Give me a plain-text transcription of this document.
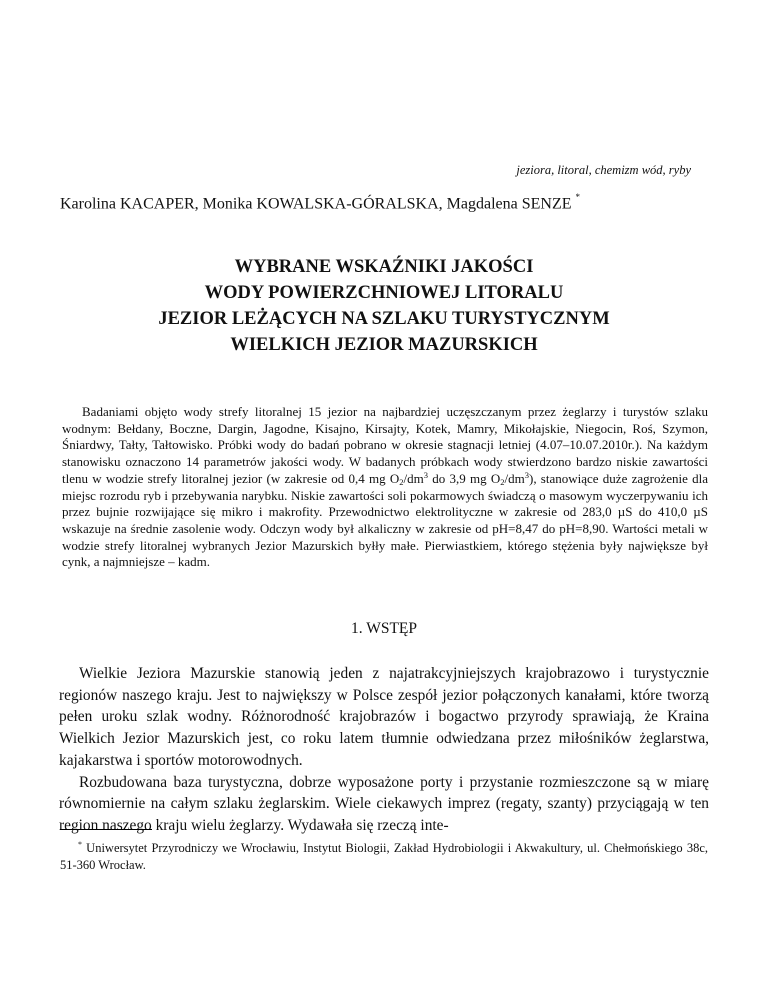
jeziora, litoral, chemizm wód, ryby
Karolina KACAPER, Monika KOWALSKA-GÓRALSKA, Magdalena SENZE *
WYBRANE WSKAŹNIKI JAKOŚCI
WODY POWIERZCHNIOWEJ LITORALU
JEZIOR LEŻĄCYCH NA SZLAKU TURYSTYCZNYM
WIELKICH JEZIOR MAZURSKICH

Badaniami objęto wody strefy litoralnej 15 jezior na najbardziej uczęszczanym przez żeglarzy i turystów szlaku wodnym: Bełdany, Boczne, Dargin, Jagodne, Kisajno, Kirsajty, Kotek, Mamry, Mikołajskie, Niegocin, Roś, Szymon, Śniardwy, Tałty, Tałtowisko. Próbki wody do badań pobrano w okresie stagnacji letniej (4.07–10.07.2010r.). Na każdym stanowisku oznaczono 14 parametrów jakości wody. W badanych próbkach wody stwierdzono bardzo niskie zawartości tlenu w wodzie strefy litoralnej jezior (w zakresie od 0,4 mg $O_2/dm^3$ do 3,9 mg $O_2/dm^3$), stanowiące duże zagrożenie dla miejsc rozrodu ryb i przebywania narybku. Niskie zawartości soli pokarmowych świadczą o masowym wyczerpywaniu ich przez bujnie rozwijające się mikro i makrofity. Przewodnictwo elektrolityczne w zakresie od 283,0 µS do 410,0 µS wskazuje na średnie zasolenie wody. Odczyn wody był alkaliczny w zakresie od pH=8,47 do pH=8,90. Wartości metali w wodzie strefy litoralnej wybranych Jezior Mazurskich byłły małe. Pierwiastkiem, którego stężenia były największe był cynk, a najmniejsze – kadm.

1. WSTĘP

Wielkie Jeziora Mazurskie stanowią jeden z najatrakcyjniejszych krajobrazowo i turystycznie regionów naszego kraju. Jest to największy w Polsce zespół jezior połączonych kanałami, które tworzą pełen uroku szlak wodny. Różnorodność krajobrazów i bogactwo przyrody sprawiają, że Kraina Wielkich Jezior Mazurskich jest, co roku latem tłumnie odwiedzana przez miłośników żeglarstwa, kajakarstwa i sportów motorowodnych.

Rozbudowana baza turystyczna, dobrze wyposażone porty i przystanie rozmieszczone są w miarę równomiernie na całym szlaku żeglarskim. Wiele ciekawych imprez (regaty, szanty) przyciągają w ten region naszego kraju wielu żeglarzy. Wydawała się rzeczą inte-

* Uniwersytet Przyrodniczy we Wrocławiu, Instytut Biologii, Zakład Hydrobiologii i Akwakultury, ul. Chełmońskiego 38c, 51-360 Wrocław.
